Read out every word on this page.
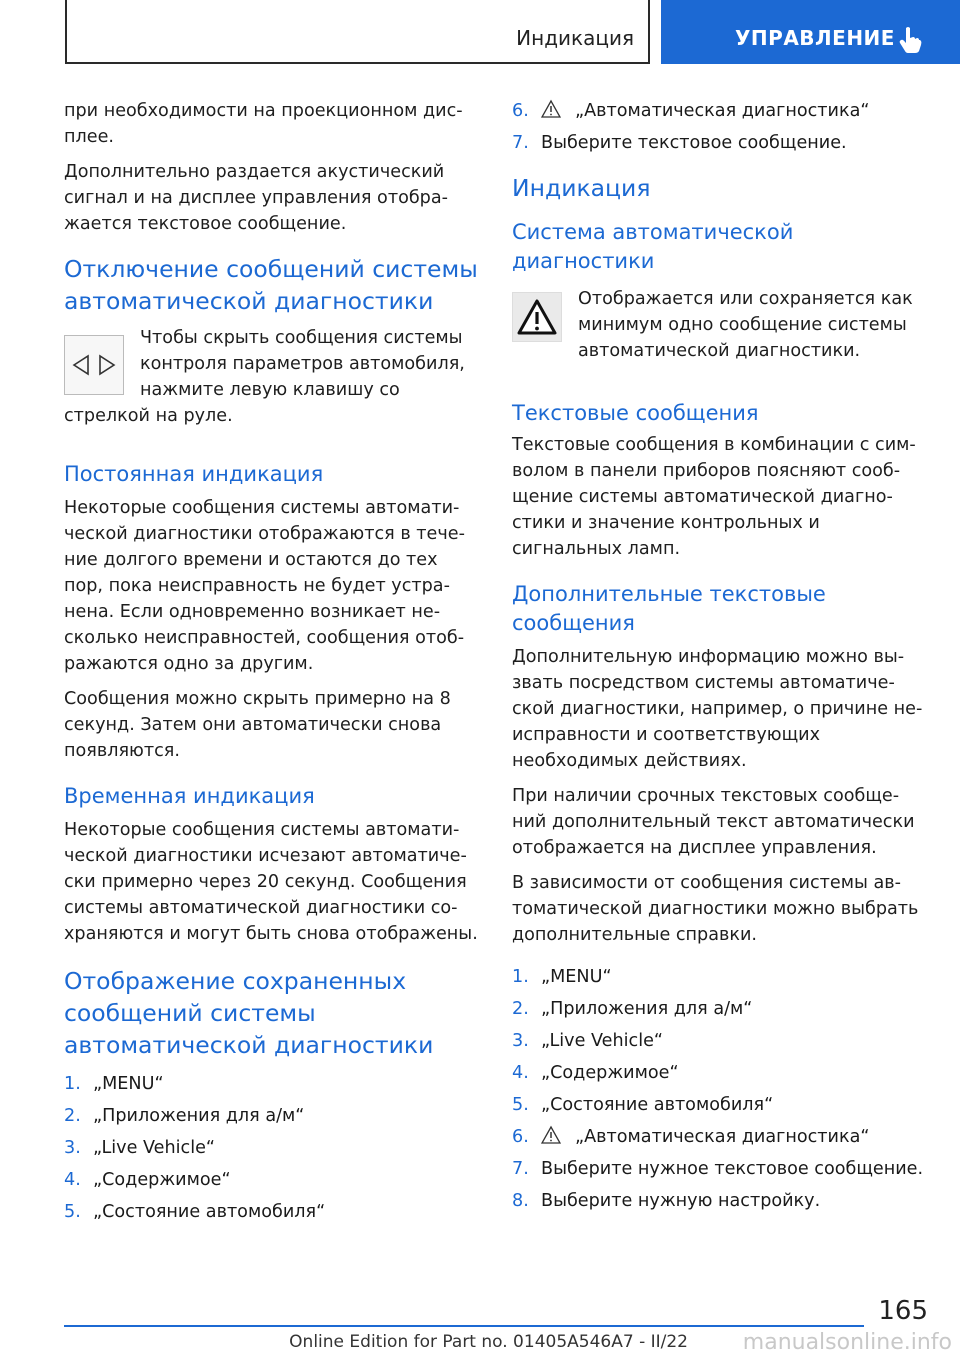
Индикация	УПРАВЛЕНИЕ

при необходимости на проекционном дис- плее.

Дополнительно раздается акустический сигнал и на дисплее управления отобра- жается текстовое сообщение.

Отключение сообщений системы автоматической диагностики

Чтобы скрыть сообщения системы контроля параметров автомобиля, нажмите левую клавишу со стрелкой на руле.

Постоянная индикация

Некоторые сообщения системы автомати- ческой диагностики отображаются в тече- ние долгого времени и остаются до тех пор, пока неисправность не будет устра- нена. Если одновременно возникает не- сколько неисправностей, сообщения отоб- ражаются одно за другим.

Сообщения можно скрыть примерно на 8 секунд. Затем они автоматически снова появляются.

Временная индикация

Некоторые сообщения системы автомати- ческой диагностики исчезают автоматиче- ски примерно через 20 секунд. Сообщения системы автоматической диагностики со- храняются и могут быть снова отображены.

Отображение сохраненных сообщений системы автоматической диагностики
1. „MENU“
2. „Приложения для а/м“
3. „Live Vehicle“
4. „Содержимое“
5. „Состояние автомобиля“
6.	„Автоматическая диагностика“
7. Выберите текстовое сообщение.
Индикация
Система автоматической диагностики

Отображается или сохраняется как минимум одно сообщение системы автоматической диагностики.

Текстовые сообщения

Текстовые сообщения в комбинации с сим- волом в панели приборов поясняют сооб- щение системы автоматической диагно- стики и значение контрольных и сигнальных ламп.

Дополнительные текстовые сообщения

Дополнительную информацию можно вы- звать посредством системы автоматиче- ской диагностики, например, о причине не- исправности и соответствующих необходимых действиях.

При наличии срочных текстовых сообще- ний дополнительный текст автоматически отображается на дисплее управления.

В зависимости от сообщения системы ав- томатической диагностики можно выбрать дополнительные справки.

1. „MENU“
2. „Приложения для а/м“
3. „Live Vehicle“
4. „Содержимое“
5. „Состояние автомобиля“
6.	„Автоматическая диагностика“
7. Выберите нужное текстовое сообщение.
8. Выберите нужную настройку.
165
Online Edition for Part no. 01405A546A7 - II/22 manualsonline.info
